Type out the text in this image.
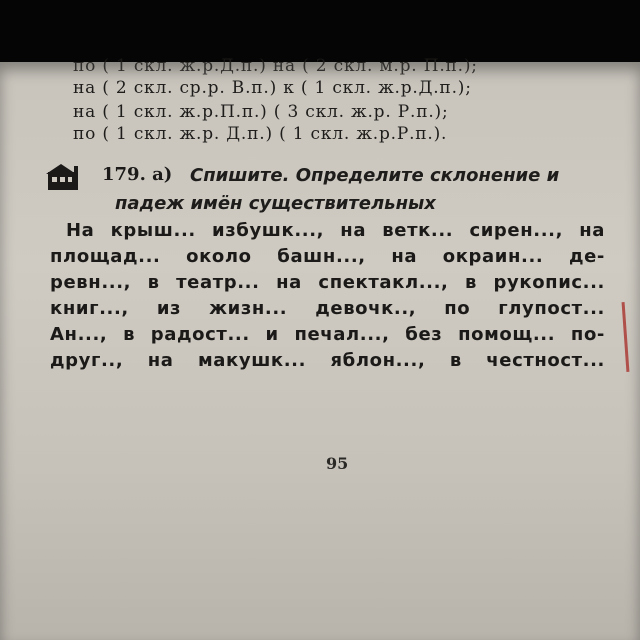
по ( 1 скл. ж.р.Д.п.) на ( 2 скл. м.р. П.п.);
на ( 2 скл. ср.р. В.п.) к ( 1 скл. ж.р.Д.п.);
на ( 1 скл. ж.р.П.п.) ( 3 скл. ж.р. Р.п.);
по ( 1 скл. ж.р. Д.п.) ( 1 скл. ж.р.Р.п.).
179. а) Спишите. Определите склонение и
падеж имён существительных
На крыш... избушк..., на ветк... сирен..., на
площад... около башн..., на окраин... де-
ревн..., в театр... на спектакл..., в рукопис...
книг..., из жизн... девочк.., по глупост...
Ан..., в радост... и печал..., без помощ... по-
друг.., на макушк... яблон..., в честност...
95
